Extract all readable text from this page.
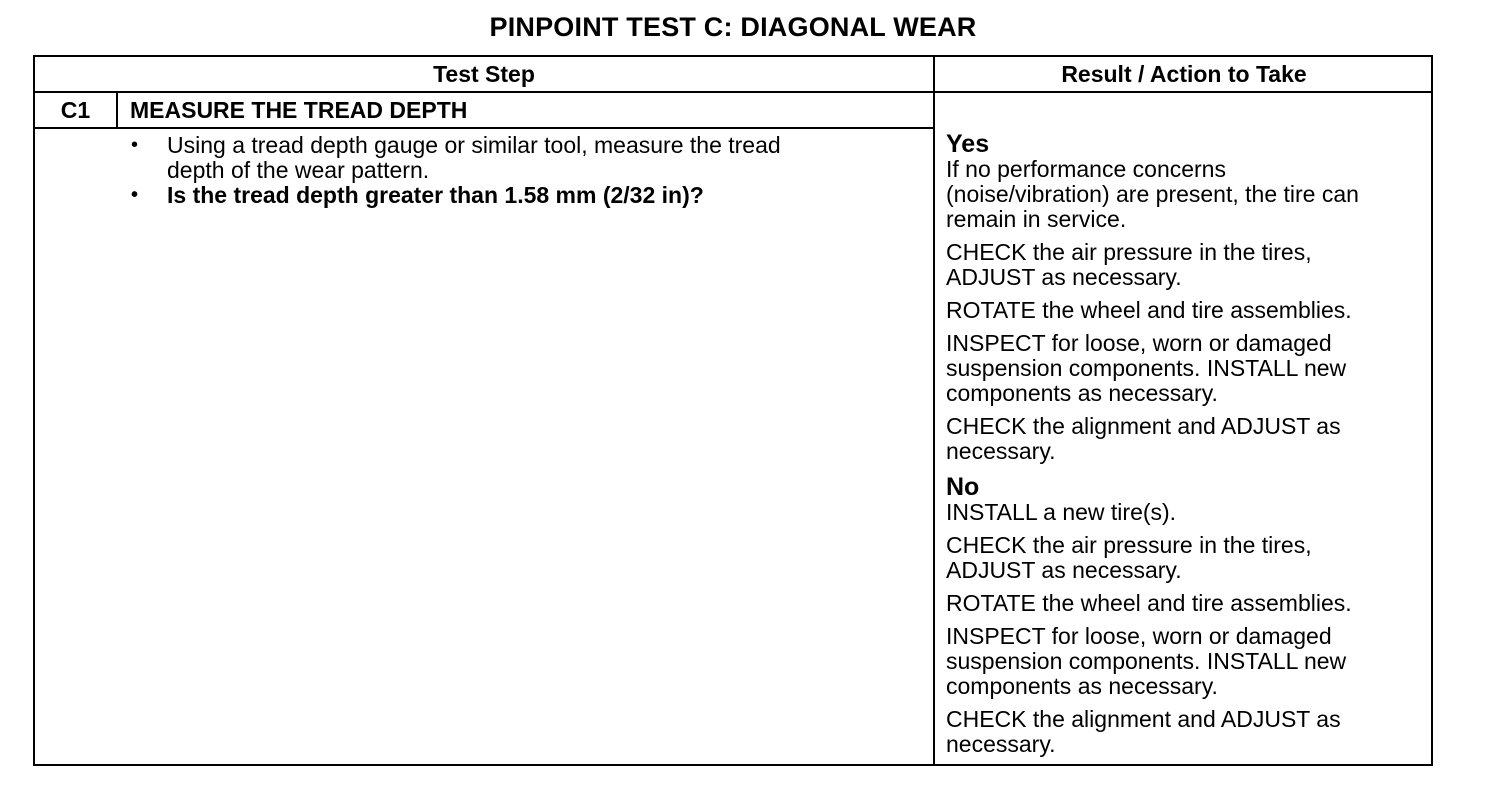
PINPOINT TEST C: DIAGONAL WEAR
Test Step	Result / Action to Take
C1	MEASURE THE TREAD DEPTH
• Using a tread depth gauge or similar tool, measure the tread
depth of the wear pattern.
• Is the tread depth greater than 1.58 mm (2/32 in)?
Yes

If no performance concerns
(noise/vibration) are present, the tire can
remain in service.

CHECK the air pressure in the tires,
ADJUST as necessary.

ROTATE the wheel and tire assemblies.

INSPECT for loose, worn or damaged
suspension components. INSTALL new
components as necessary.

CHECK the alignment and ADJUST as
necessary.

No

INSTALL a new tire(s).

CHECK the air pressure in the tires,
ADJUST as necessary.

ROTATE the wheel and tire assemblies.

INSPECT for loose, worn or damaged
suspension components. INSTALL new
components as necessary.

CHECK the alignment and ADJUST as
necessary.
